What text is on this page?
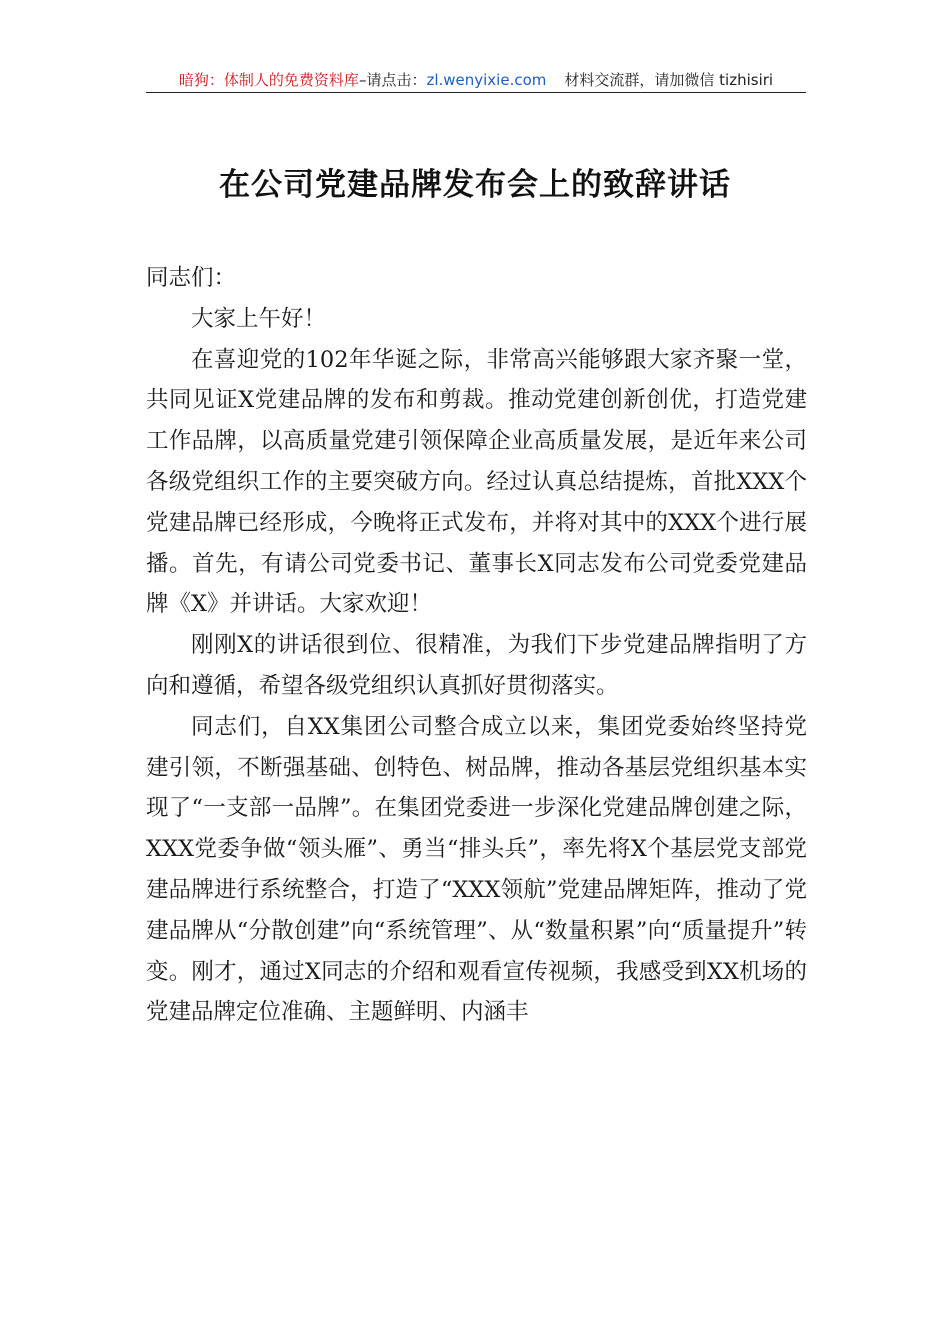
暗狗：体制人的免费资料库–请点击：zl.wenyixie.com 材料交流群，请加微信 tizhisiri
在公司党建品牌发布会上的致辞讲话

同志们：

大家上午好！

在喜迎党的102年华诞之际，非常高兴能够跟大家齐聚一堂，共同见证X党建品牌的发布和剪裁。推动党建创新创优，打造党建工作品牌，以高质量党建引领保障企业高质量发展，是近年来公司各级党组织工作的主要突破方向。经过认真总结提炼，首批XXX个党建品牌已经形成，今晚将正式发布，并将对其中的XXX个进行展播。首先，有请公司党委书记、董事长X同志发布公司党委党建品牌《X》并讲话。大家欢迎！

刚刚X的讲话很到位、很精准，为我们下步党建品牌指明了方向和遵循，希望各级党组织认真抓好贯彻落实。

同志们，自XX集团公司整合成立以来，集团党委始终坚持党建引领，不断强基础、创特色、树品牌，推动各基层党组织基本实现了“一支部一品牌”。在集团党委进一步深化党建品牌创建之际，XXX党委争做“领头雁”、勇当“排头兵”，率先将X个基层党支部党建品牌进行系统整合，打造了“XXX领航”党建品牌矩阵，推动了党建品牌从“分散创建”向“系统管理”、从“数量积累”向“质量提升”转变。刚才，通过X同志的介绍和观看宣传视频，我感受到XX机场的党建品牌定位准确、主题鲜明、内涵丰
